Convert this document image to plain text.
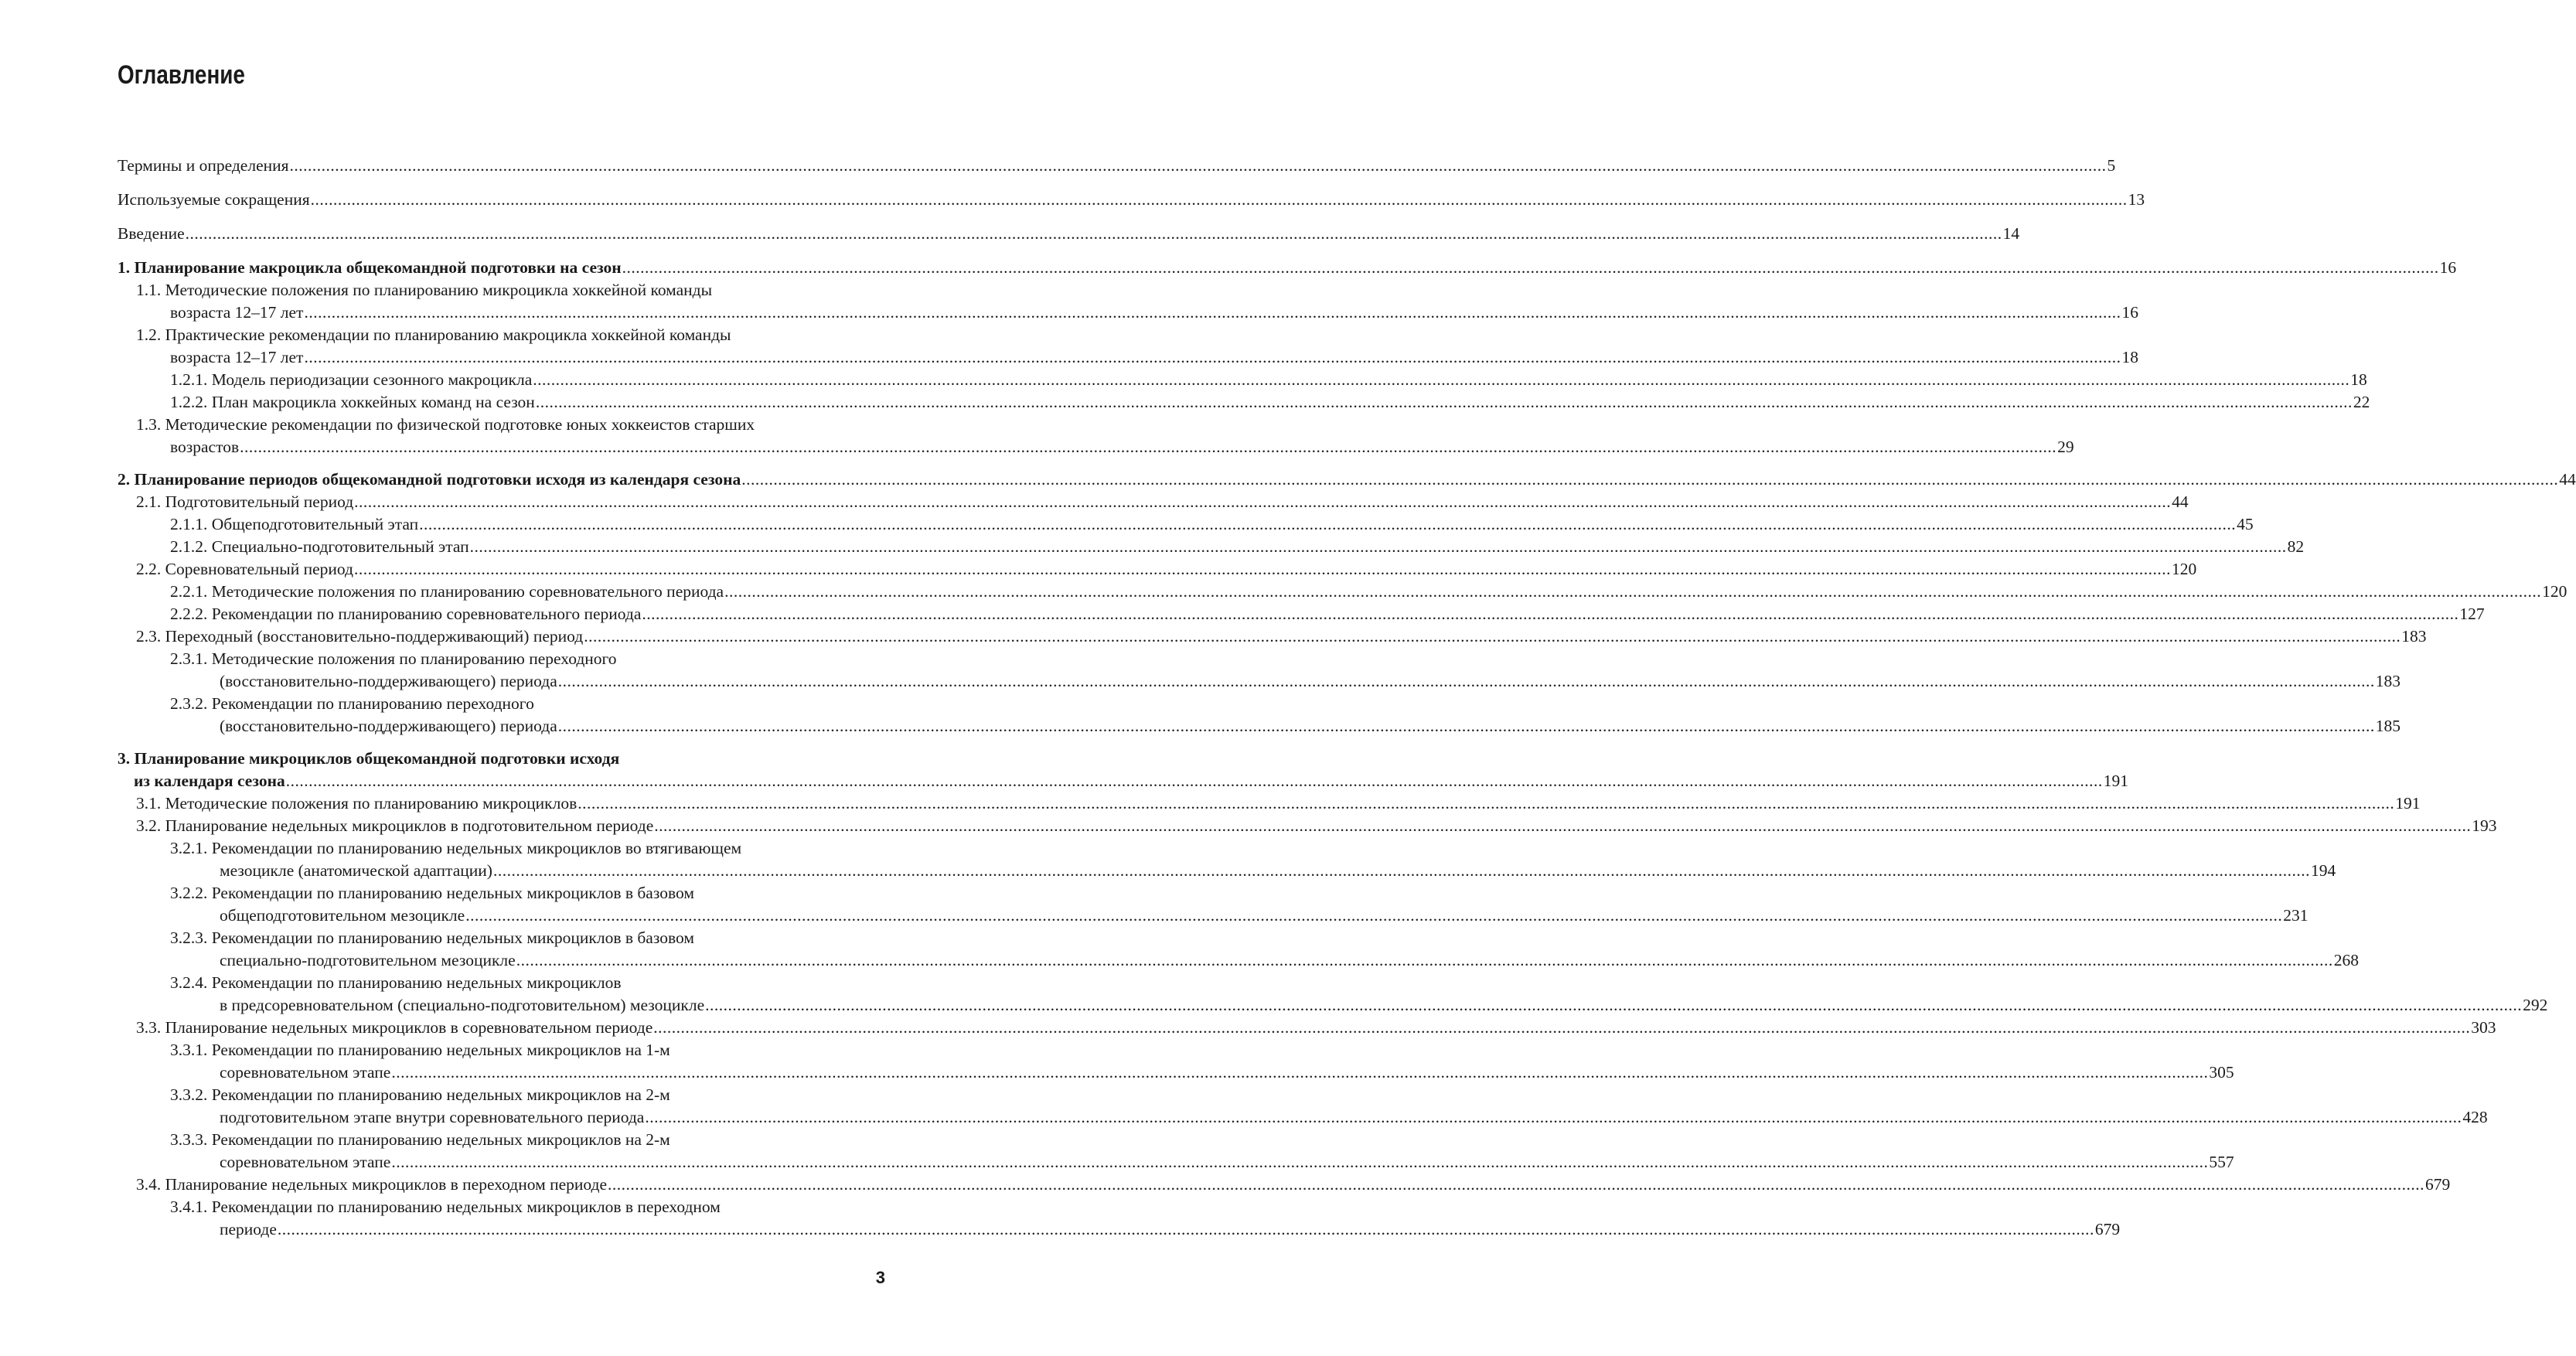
Оглавление
Термины и определения ................................................................................................................................................................................................................................................................................................................................................................................................................ 5
Используемые сокращения ................................................................................................................................................................................................................................................................................................................................................................................................................ 13
Введение ................................................................................................................................................................................................................................................................................................................................................................................................................ 14
1. Планирование макроцикла общекомандной подготовки на сезон ................................................................................................................................................................................................................................................................................................................................................................................................................ 16
1.1. Методические положения по планированию микроцикла хоккейной команды
возраста 12–17 лет ................................................................................................................................................................................................................................................................................................................................................................................................................ 16
1.2. Практические рекомендации по планированию макроцикла хоккейной команды
возраста 12–17 лет ................................................................................................................................................................................................................................................................................................................................................................................................................ 18
1.2.1. Модель периодизации сезонного макроцикла ................................................................................................................................................................................................................................................................................................................................................................................................................ 18
1.2.2. План макроцикла хоккейных команд на сезон ................................................................................................................................................................................................................................................................................................................................................................................................................ 22
1.3. Методические рекомендации по физической подготовке юных хоккеистов старших
возрастов ................................................................................................................................................................................................................................................................................................................................................................................................................ 29
2. Планирование периодов общекомандной подготовки исходя из календаря сезона ................................................................................................................................................................................................................................................................................................................................................................................................................ 44
2.1. Подготовительный период ................................................................................................................................................................................................................................................................................................................................................................................................................ 44
2.1.1. Общеподготовительный этап ................................................................................................................................................................................................................................................................................................................................................................................................................ 45
2.1.2. Специально-подготовительный этап ................................................................................................................................................................................................................................................................................................................................................................................................................ 82
2.2. Соревновательный период ................................................................................................................................................................................................................................................................................................................................................................................................................ 120
2.2.1. Методические положения по планированию соревновательного периода ................................................................................................................................................................................................................................................................................................................................................................................................................ 120
2.2.2. Рекомендации по планированию соревновательного периода ................................................................................................................................................................................................................................................................................................................................................................................................................ 127
2.3. Переходный (восстановительно-поддерживающий) период ................................................................................................................................................................................................................................................................................................................................................................................................................ 183
2.3.1. Методические положения по планированию переходного
(восстановительно-поддерживающего) периода ................................................................................................................................................................................................................................................................................................................................................................................................................ 183
2.3.2. Рекомендации по планированию переходного
(восстановительно-поддерживающего) периода ................................................................................................................................................................................................................................................................................................................................................................................................................ 185
3. Планирование микроциклов общекомандной подготовки исходя
из календаря сезона ................................................................................................................................................................................................................................................................................................................................................................................................................ 191
3.1. Методические положения по планированию микроциклов ................................................................................................................................................................................................................................................................................................................................................................................................................ 191
3.2. Планирование недельных микроциклов в подготовительном периоде ................................................................................................................................................................................................................................................................................................................................................................................................................ 193
3.2.1. Рекомендации по планированию недельных микроциклов во втягивающем
мезоцикле (анатомической адаптации) ................................................................................................................................................................................................................................................................................................................................................................................................................ 194
3.2.2. Рекомендации по планированию недельных микроциклов в базовом
общеподготовительном мезоцикле ................................................................................................................................................................................................................................................................................................................................................................................................................ 231
3.2.3. Рекомендации по планированию недельных микроциклов в базовом
специально-подготовительном мезоцикле ................................................................................................................................................................................................................................................................................................................................................................................................................ 268
3.2.4. Рекомендации по планированию недельных микроциклов
в предсоревновательном (специально-подготовительном) мезоцикле ................................................................................................................................................................................................................................................................................................................................................................................................................ 292
3.3. Планирование недельных микроциклов в соревновательном периоде ................................................................................................................................................................................................................................................................................................................................................................................................................ 303
3.3.1. Рекомендации по планированию недельных микроциклов на 1-м
соревновательном этапе ................................................................................................................................................................................................................................................................................................................................................................................................................ 305
3.3.2. Рекомендации по планированию недельных микроциклов на 2-м
подготовительном этапе внутри соревновательного периода ................................................................................................................................................................................................................................................................................................................................................................................................................ 428
3.3.3. Рекомендации по планированию недельных микроциклов на 2-м
соревновательном этапе ................................................................................................................................................................................................................................................................................................................................................................................................................ 557
3.4. Планирование недельных микроциклов в переходном периоде ................................................................................................................................................................................................................................................................................................................................................................................................................ 679
3.4.1. Рекомендации по планированию недельных микроциклов в переходном
периоде ................................................................................................................................................................................................................................................................................................................................................................................................................ 679
3
